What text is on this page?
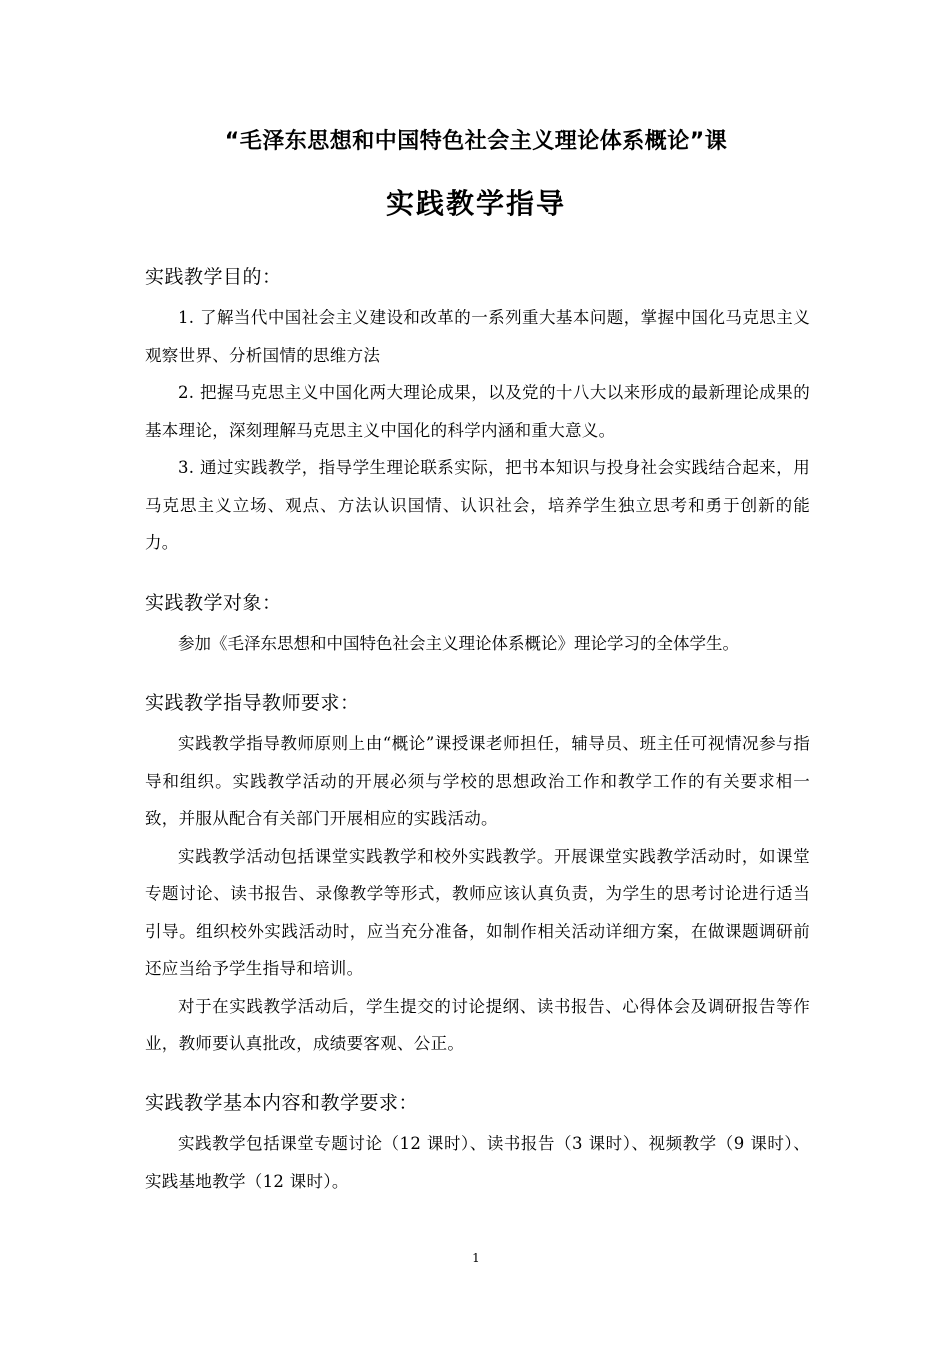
“毛泽东思想和中国特色社会主义理论体系概论”课
实践教学指导
实践教学目的：

1. 了解当代中国社会主义建设和改革的一系列重大基本问题，掌握中国化马克思主义观察世界、分析国情的思维方法

2. 把握马克思主义中国化两大理论成果，以及党的十八大以来形成的最新理论成果的基本理论，深刻理解马克思主义中国化的科学内涵和重大意义。

3. 通过实践教学，指导学生理论联系实际，把书本知识与投身社会实践结合起来，用马克思主义立场、观点、方法认识国情、认识社会，培养学生独立思考和勇于创新的能力。

实践教学对象：

参加《毛泽东思想和中国特色社会主义理论体系概论》理论学习的全体学生。

实践教学指导教师要求：

实践教学指导教师原则上由“概论”课授课老师担任，辅导员、班主任可视情况参与指导和组织。实践教学活动的开展必须与学校的思想政治工作和教学工作的有关要求相一致，并服从配合有关部门开展相应的实践活动。

实践教学活动包括课堂实践教学和校外实践教学。开展课堂实践教学活动时，如课堂专题讨论、读书报告、录像教学等形式，教师应该认真负责，为学生的思考讨论进行适当引导。组织校外实践活动时，应当充分准备，如制作相关活动详细方案，在做课题调研前还应当给予学生指导和培训。

对于在实践教学活动后，学生提交的讨论提纲、读书报告、心得体会及调研报告等作业，教师要认真批改，成绩要客观、公正。

实践教学基本内容和教学要求：

实践教学包括课堂专题讨论（12 课时）、读书报告（3 课时）、视频教学（9 课时）、实践基地教学（12 课时）。

1
